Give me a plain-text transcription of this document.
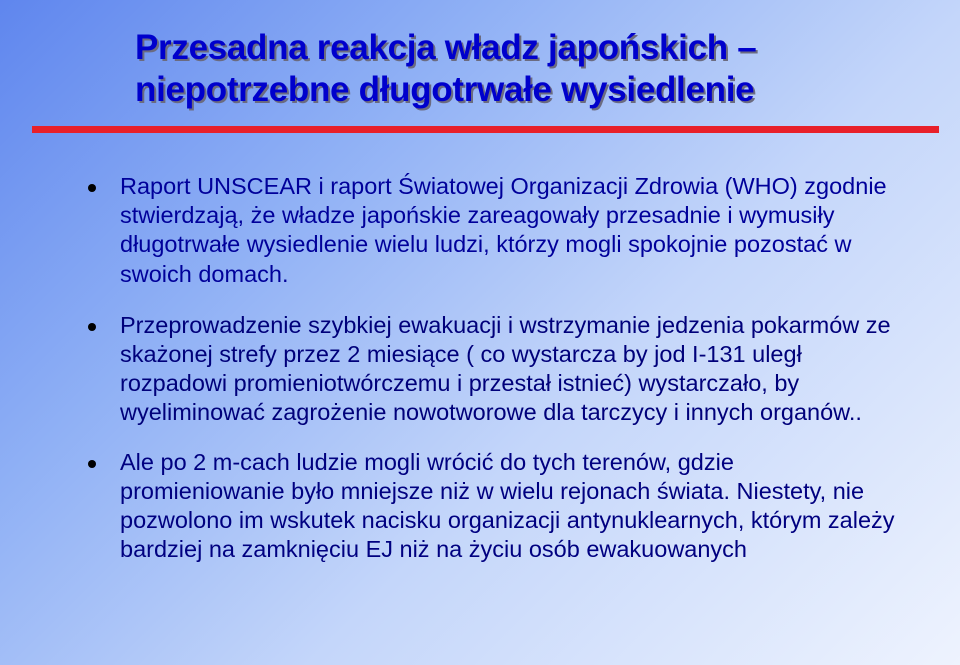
Przesadna reakcja władz japońskich –
niepotrzebne długotrwałe wysiedlenie
Raport UNSCEAR i raport Światowej Organizacji Zdrowia (WHO) zgodnie stwierdzają, że władze japońskie zareagowały przesadnie i wymusiły długotrwałe wysiedlenie wielu ludzi, którzy mogli spokojnie pozostać w swoich domach.
Przeprowadzenie szybkiej ewakuacji i wstrzymanie jedzenia pokarmów ze skażonej strefy przez 2 miesiące ( co wystarcza by jod I-131 uległ rozpadowi promieniotwórczemu i przestał istnieć) wystarczało, by wyeliminować zagrożenie nowotworowe dla tarczycy i innych organów..
Ale po 2 m-cach ludzie mogli wrócić do tych terenów, gdzie promieniowanie było mniejsze niż w wielu rejonach świata. Niestety, nie pozwolono im wskutek nacisku organizacji antynuklearnych, którym zależy bardziej na zamknięciu EJ niż na życiu osób ewakuowanych
